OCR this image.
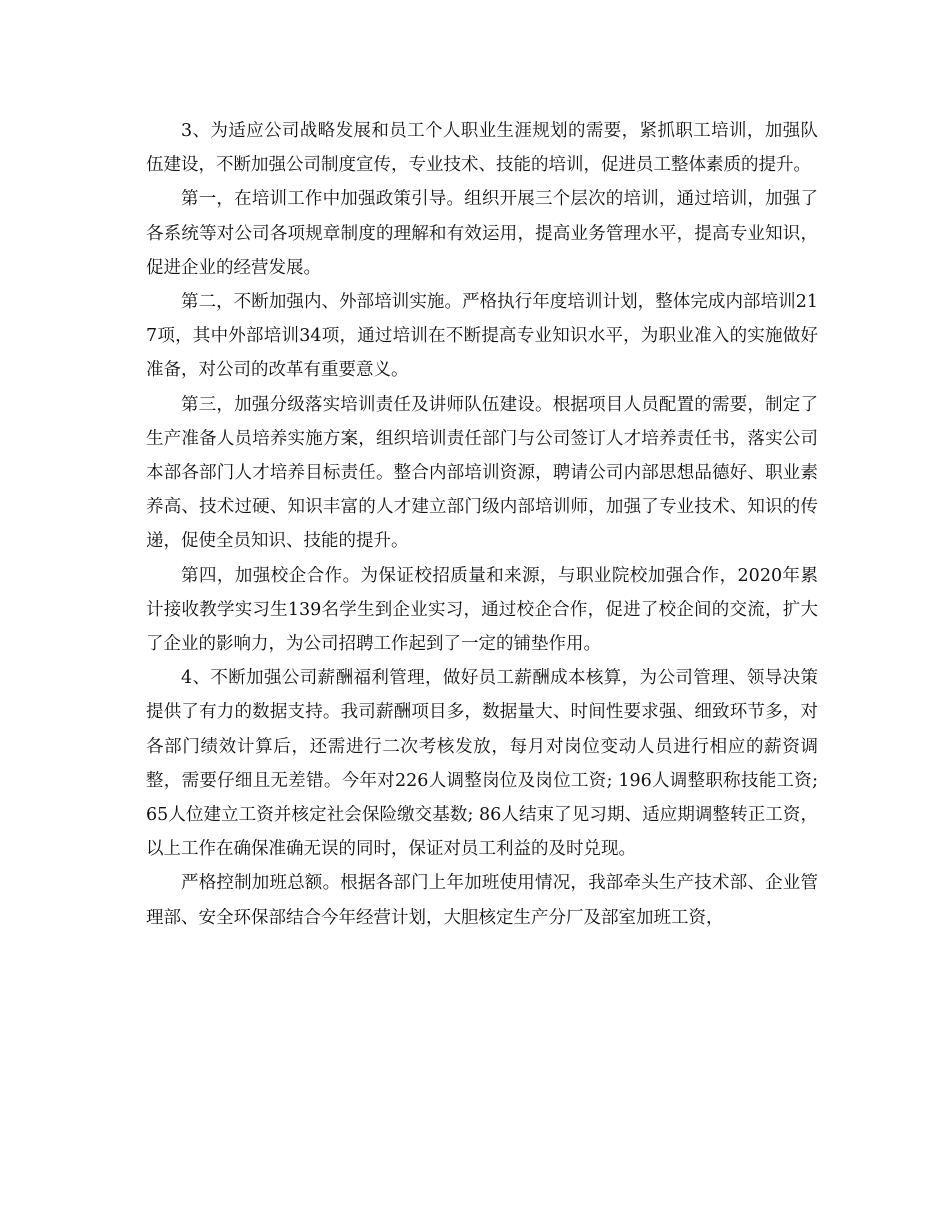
3、为适应公司战略发展和员工个人职业生涯规划的需要，紧抓职工培训，加强队伍建设，不断加强公司制度宣传，专业技术、技能的培训，促进员工整体素质的提升。

第一，在培训工作中加强政策引导。组织开展三个层次的培训，通过培训，加强了各系统等对公司各项规章制度的理解和有效运用，提高业务管理水平，提高专业知识，促进企业的经营发展。

第二，不断加强内、外部培训实施。严格执行年度培训计划，整体完成内部培训217项，其中外部培训34项，通过培训在不断提高专业知识水平，为职业准入的实施做好准备，对公司的改革有重要意义。

第三，加强分级落实培训责任及讲师队伍建设。根据项目人员配置的需要，制定了生产准备人员培养实施方案，组织培训责任部门与公司签订人才培养责任书，落实公司本部各部门人才培养目标责任。整合内部培训资源，聘请公司内部思想品德好、职业素养高、技术过硬、知识丰富的人才建立部门级内部培训师，加强了专业技术、知识的传递，促使全员知识、技能的提升。

第四，加强校企合作。为保证校招质量和来源，与职业院校加强合作，2020年累计接收教学实习生139名学生到企业实习，通过校企合作，促进了校企间的交流，扩大了企业的影响力，为公司招聘工作起到了一定的铺垫作用。

4、不断加强公司薪酬福利管理，做好员工薪酬成本核算，为公司管理、领导决策提供了有力的数据支持。我司薪酬项目多，数据量大、时间性要求强、细致环节多，对各部门绩效计算后，还需进行二次考核发放，每月对岗位变动人员进行相应的薪资调整，需要仔细且无差错。今年对226人调整岗位及岗位工资; 196人调整职称技能工资; 65人位建立工资并核定社会保险缴交基数; 86人结束了见习期、适应期调整转正工资，以上工作在确保准确无误的同时，保证对员工利益的及时兑现。

严格控制加班总额。根据各部门上年加班使用情况，我部牵头生产技术部、企业管理部、安全环保部结合今年经营计划，大胆核定生产分厂及部室加班工资，
